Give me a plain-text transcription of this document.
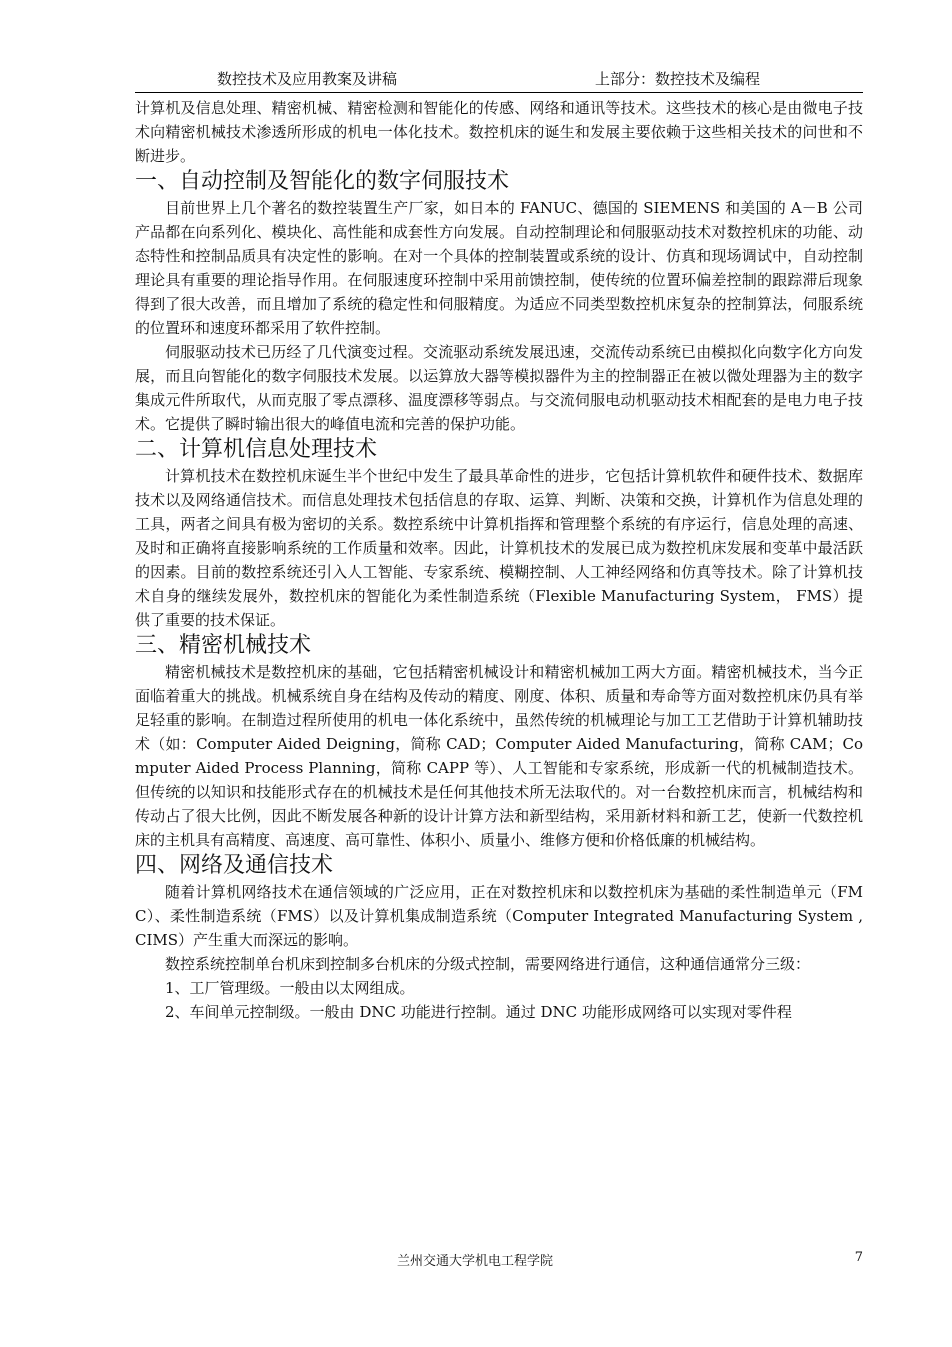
数控技术及应用教案及讲稿	上部分：数控技术及编程

计算机及信息处理、精密机械、精密检测和智能化的传感、网络和通讯等技术。这些技术的核心是由微电子技术向精密机械技术渗透所形成的机电一体化技术。数控机床的诞生和发展主要依赖于这些相关技术的问世和不断进步。

一、自动控制及智能化的数字伺服技术

目前世界上几个著名的数控装置生产厂家，如日本的 FANUC、德国的 SIEMENS 和美国的 A－B 公司产品都在向系列化、模块化、高性能和成套性方向发展。自动控制理论和伺服驱动技术对数控机床的功能、动态特性和控制品质具有决定性的影响。在对一个具体的控制装置或系统的设计、仿真和现场调试中，自动控制理论具有重要的理论指导作用。在伺服速度环控制中采用前馈控制，使传统的位置环偏差控制的跟踪滞后现象得到了很大改善，而且增加了系统的稳定性和伺服精度。为适应不同类型数控机床复杂的控制算法，伺服系统的位置环和速度环都采用了软件控制。

伺服驱动技术已历经了几代演变过程。交流驱动系统发展迅速，交流传动系统已由模拟化向数字化方向发展，而且向智能化的数字伺服技术发展。以运算放大器等模拟器件为主的控制器正在被以微处理器为主的数字集成元件所取代，从而克服了零点漂移、温度漂移等弱点。与交流伺服电动机驱动技术相配套的是电力电子技术。它提供了瞬时输出很大的峰值电流和完善的保护功能。

二、计算机信息处理技术

计算机技术在数控机床诞生半个世纪中发生了最具革命性的进步，它包括计算机软件和硬件技术、数据库技术以及网络通信技术。而信息处理技术包括信息的存取、运算、判断、决策和交换，计算机作为信息处理的工具，两者之间具有极为密切的关系。数控系统中计算机指挥和管理整个系统的有序运行，信息处理的高速、及时和正确将直接影响系统的工作质量和效率。因此，计算机技术的发展已成为数控机床发展和变革中最活跃的因素。目前的数控系统还引入人工智能、专家系统、模糊控制、人工神经网络和仿真等技术。除了计算机技术自身的继续发展外，数控机床的智能化为柔性制造系统（Flexible Manufacturing System， FMS）提供了重要的技术保证。

三、精密机械技术

精密机械技术是数控机床的基础，它包括精密机械设计和精密机械加工两大方面。精密机械技术，当今正面临着重大的挑战。机械系统自身在结构及传动的精度、刚度、体积、质量和寿命等方面对数控机床仍具有举足轻重的影响。在制造过程所使用的机电一体化系统中，虽然传统的机械理论与加工工艺借助于计算机辅助技术（如：Computer Aided Deigning，简称 CAD；Computer Aided Manufacturing，简称 CAM；Computer Aided Process Planning，简称 CAPP 等）、人工智能和专家系统，形成新一代的机械制造技术。但传统的以知识和技能形式存在的机械技术是任何其他技术所无法取代的。对一台数控机床而言，机械结构和传动占了很大比例，因此不断发展各种新的设计计算方法和新型结构，采用新材料和新工艺，使新一代数控机床的主机具有高精度、高速度、高可靠性、体积小、质量小、维修方便和价格低廉的机械结构。

四、网络及通信技术

随着计算机网络技术在通信领域的广泛应用，正在对数控机床和以数控机床为基础的柔性制造单元（FMC）、柔性制造系统（FMS）以及计算机集成制造系统（Computer Integrated Manufacturing System ,CIMS）产生重大而深远的影响。

数控系统控制单台机床到控制多台机床的分级式控制，需要网络进行通信，这种通信通常分三级：

1、工厂管理级。一般由以太网组成。

2、车间单元控制级。一般由 DNC 功能进行控制。通过 DNC 功能形成网络可以实现对零件程

兰州交通大学机电工程学院	7
